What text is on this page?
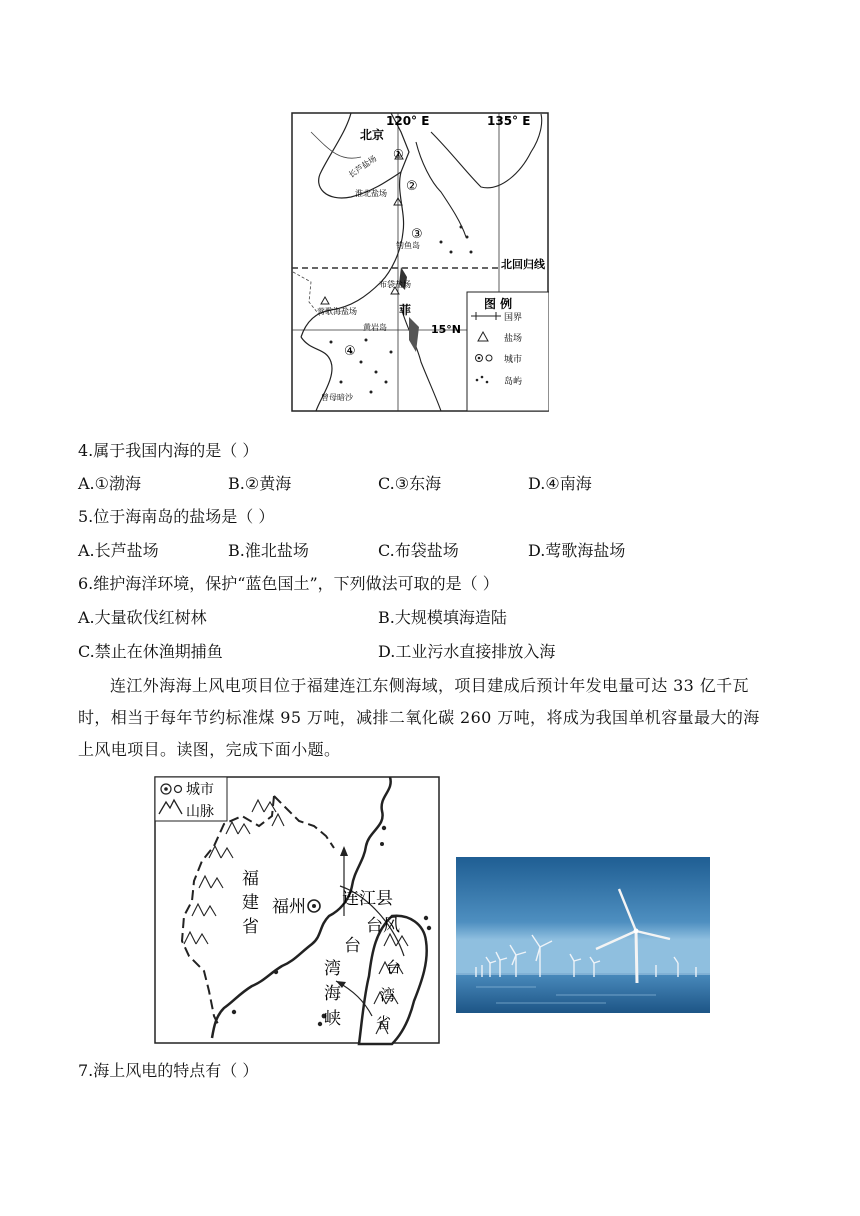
120° E	135° E
北京
长芦盐场
淮北盐场
钓鱼岛
布袋盐场
莺歌海盐场
黄岩岛
曾母暗沙
菲
北回归线
15°N
①
②
③
④
图 例
国界
盐场
城市
岛屿
4.属于我国内海的是（ ）
A.①渤海	B.②黄海	C.③东海	D.④南海
5.位于海南岛的盐场是（ ）
A.长芦盐场	B.淮北盐场	C.布袋盐场	D.莺歌海盐场
6.维护海洋环境，保护“蓝色国土”，下列做法可取的是（ ）
A.大量砍伐红树林	B.大规模填海造陆
C.禁止在休渔期捕鱼	D.工业污水直接排放入海
连江外海海上风电项目位于福建连江东侧海域，项目建成后预计年发电量可达 33 亿千瓦
时，相当于每年节约标准煤 95 万吨，减排二氧化碳 260 万吨，将成为我国单机容量最大的海
上风电项目。读图，完成下面小题。
城市
山脉
福
建
省
福州 连江县
台风
台
湾
海
峡
台
湾
省
7.海上风电的特点有（ ）
